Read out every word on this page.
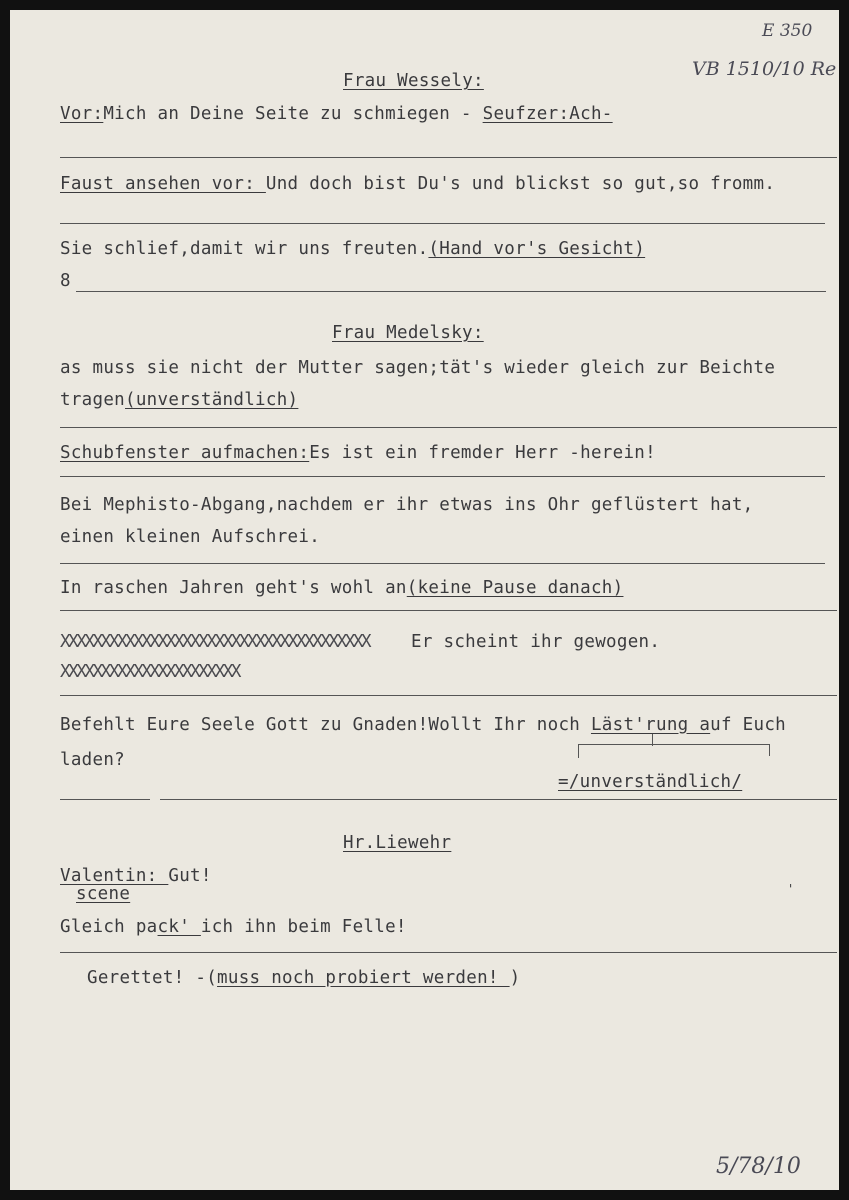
E 350
VB 1510/10 Re
5/78/10
Frau Wessely:
Vor:Mich an Deine Seite zu schmiegen - Seufzer:Ach-
Faust ansehen vor: Und doch bist Du's und blickst so gut,so fromm.
Sie schlief,damit wir uns freuten.(Hand vor's Gesicht)
8
Frau Medelsky:
as muss sie nicht der Mutter sagen;tät's wieder gleich zur Beichte
tragen(unverständlich)
Schubfenster aufmachen:Es ist ein fremder Herr -herein!
Bei Mephisto-Abgang,nachdem er ihr etwas ins Ohr geflüstert hat,
einen kleinen Aufschrei.
In raschen Jahren geht's wohl an(keine Pause danach)
XXXXXXXXXXXXXXXXXXXXXXXXXXXXXXXXXXXXXX Er scheint ihr gewogen.
XXXXXXXXXXXXXXXXXXXXXX
Befehlt Eure Seele Gott zu Gnaden!Wollt Ihr noch Läst'rung auf Euch
laden?
=/unverständlich/
Hr.Liewehr
Valentin: Gut!
scene	'
Gleich pack' ich ihn beim Felle!
Gerettet! -(muss noch probiert werden! )
